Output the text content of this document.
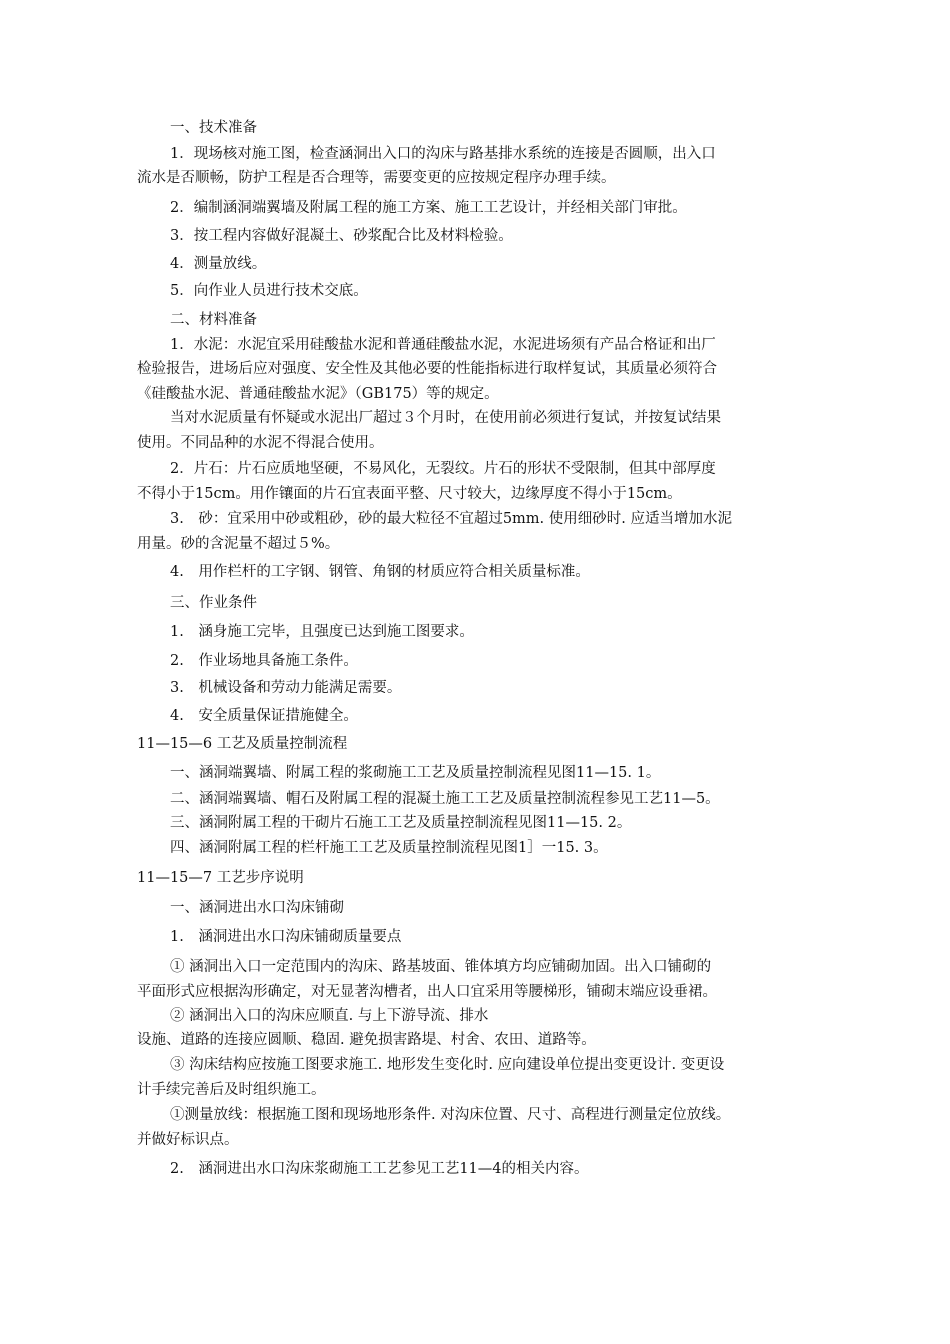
一、技术准备
1．现场核对施工图，检查涵洞出入口的沟床与路基排水系统的连接是否圆顺，出入口
流水是否顺畅，防护工程是否合理等，需要变更的应按规定程序办理手续。
2．编制涵洞端翼墙及附属工程的施工方案、施工工艺设计，并经相关部门审批。
3．按工程内容做好混凝土、砂浆配合比及材料检验。
4．测量放线。
5．向作业人员进行技术交底。
二、材料准备
1．水泥：水泥宜采用硅酸盐水泥和普通硅酸盐水泥，水泥进场须有产品合格证和出厂
检验报告，进场后应对强度、安全性及其他必要的性能指标进行取样复试，其质量必须符合
《硅酸盐水泥、普通硅酸盐水泥》（GB175）等的规定。
当对水泥质量有怀疑或水泥出厂超过３个月时，在使用前必须进行复试，并按复试结果
使用。不同品种的水泥不得混合使用。
2．片石：片石应质地坚硬，不易风化，无裂纹。片石的形状不受限制，但其中部厚度
不得小于15cm。用作镶面的片石宜表面平整、尺寸较大，边缘厚度不得小于15cm。
3.　砂：宜采用中砂或粗砂，砂的最大粒径不宜超过5mm. 使用细砂时. 应适当增加水泥
用量。砂的含泥量不超过５%。
4.　用作栏杆的工字钢、钢管、角钢的材质应符合相关质量标准。
三、作业条件
1.　涵身施工完毕，且强度已达到施工图要求。
2.　作业场地具备施工条件。
3.　机械设备和劳动力能满足需要。
4.　安全质量保证措施健全。
11—15—6 工艺及质量控制流程
一、涵洞端翼墙、附属工程的浆砌施工工艺及质量控制流程见图11—15. 1。
二、涵洞端翼墙、帽石及附属工程的混凝土施工工艺及质量控制流程参见工艺11—5。
三、涵洞附属工程的干砌片石施工工艺及质量控制流程见图11—15. 2。
四、涵洞附属工程的栏杆施工工艺及质量控制流程见图1］一15. 3。
11—15—7 工艺步序说明
一、涵洞进出水口沟床铺砌
1.　涵洞进出水口沟床铺砌质量要点
① 涵洞出入口一定范围内的沟床、路基坡面、锥体填方均应铺砌加固。出入口铺砌的
平面形式应根据沟形确定，对无显著沟槽者，出人口宜采用等腰梯形，铺砌末端应设垂裙。
② 涵洞出入口的沟床应顺直. 与上下游导流、排水
设施、道路的连接应圆顺、稳固. 避免损害路堤、村舍、农田、道路等。
③ 沟床结构应按施工图要求施工. 地形发生变化时. 应向建设单位提出变更设计. 变更设
计手续完善后及时组织施工。
①测量放线：根据施工图和现场地形条件. 对沟床位置、尺寸、高程进行测量定位放线。
并做好标识点。
2.　涵洞进出水口沟床浆砌施工工艺参见工艺11—4的相关内容。
